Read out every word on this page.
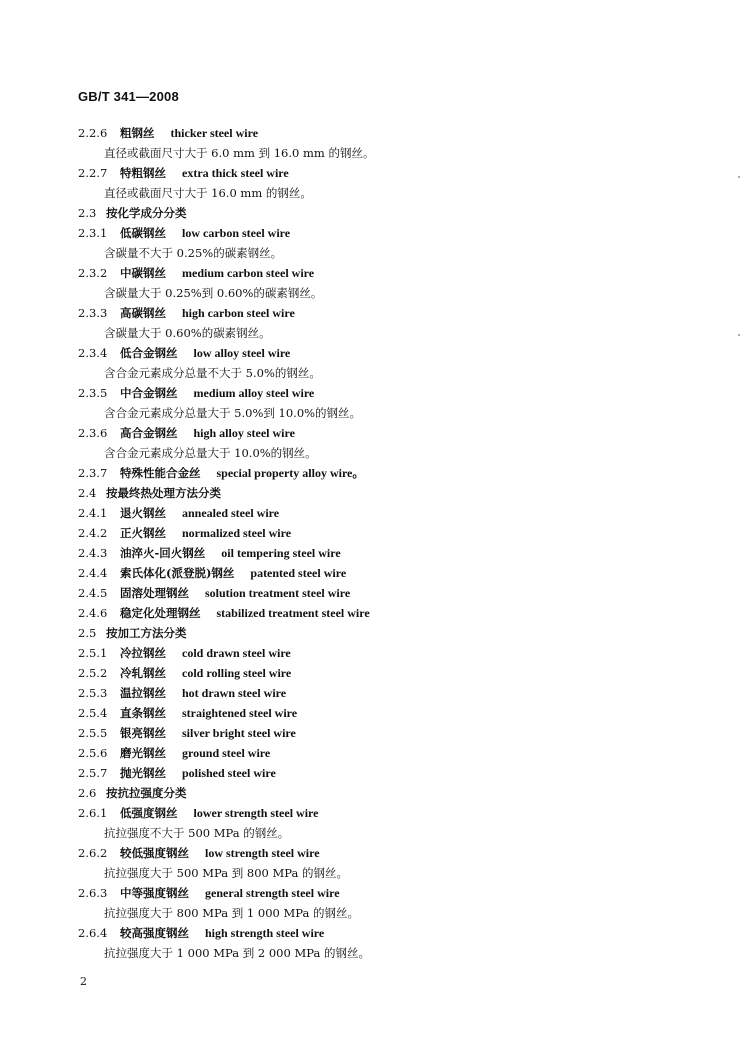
GB/T 341—2008
2.2.6 粗钢丝 thicker steel wire
直径或截面尺寸大于 6.0 mm 到 16.0 mm 的钢丝。
2.2.7 特粗钢丝 extra thick steel wire
直径或截面尺寸大于 16.0 mm 的钢丝。
2.3 按化学成分分类
2.3.1 低碳钢丝 low carbon steel wire
含碳量不大于 0.25%的碳素钢丝。
2.3.2 中碳钢丝 medium carbon steel wire
含碳量大于 0.25%到 0.60%的碳素钢丝。
2.3.3 高碳钢丝 high carbon steel wire
含碳量大于 0.60%的碳素钢丝。
2.3.4 低合金钢丝 low alloy steel wire
含合金元素成分总量不大于 5.0%的钢丝。
2.3.5 中合金钢丝 medium alloy steel wire
含合金元素成分总量大于 5.0%到 10.0%的钢丝。
2.3.6 高合金钢丝 high alloy steel wire
含合金元素成分总量大于 10.0%的钢丝。
2.3.7 特殊性能合金丝 special property alloy wire。
2.4 按最终热处理方法分类
2.4.1 退火钢丝 annealed steel wire
2.4.2 正火钢丝 normalized steel wire
2.4.3 油淬火-回火钢丝 oil tempering steel wire
2.4.4 索氏体化(派登脱)钢丝 patented steel wire
2.4.5 固溶处理钢丝 solution treatment steel wire
2.4.6 稳定化处理钢丝 stabilized treatment steel wire
2.5 按加工方法分类
2.5.1 冷拉钢丝 cold drawn steel wire
2.5.2 冷轧钢丝 cold rolling steel wire
2.5.3 温拉钢丝 hot drawn steel wire
2.5.4 直条钢丝 straightened steel wire
2.5.5 银亮钢丝 silver bright steel wire
2.5.6 磨光钢丝 ground steel wire
2.5.7 抛光钢丝 polished steel wire
2.6 按抗拉强度分类
2.6.1 低强度钢丝 lower strength steel wire
抗拉强度不大于 500 MPa 的钢丝。
2.6.2 较低强度钢丝 low strength steel wire
抗拉强度大于 500 MPa 到 800 MPa 的钢丝。
2.6.3 中等强度钢丝 general strength steel wire
抗拉强度大于 800 MPa 到 1 000 MPa 的钢丝。
2.6.4 较高强度钢丝 high strength steel wire
抗拉强度大于 1 000 MPa 到 2 000 MPa 的钢丝。
2
